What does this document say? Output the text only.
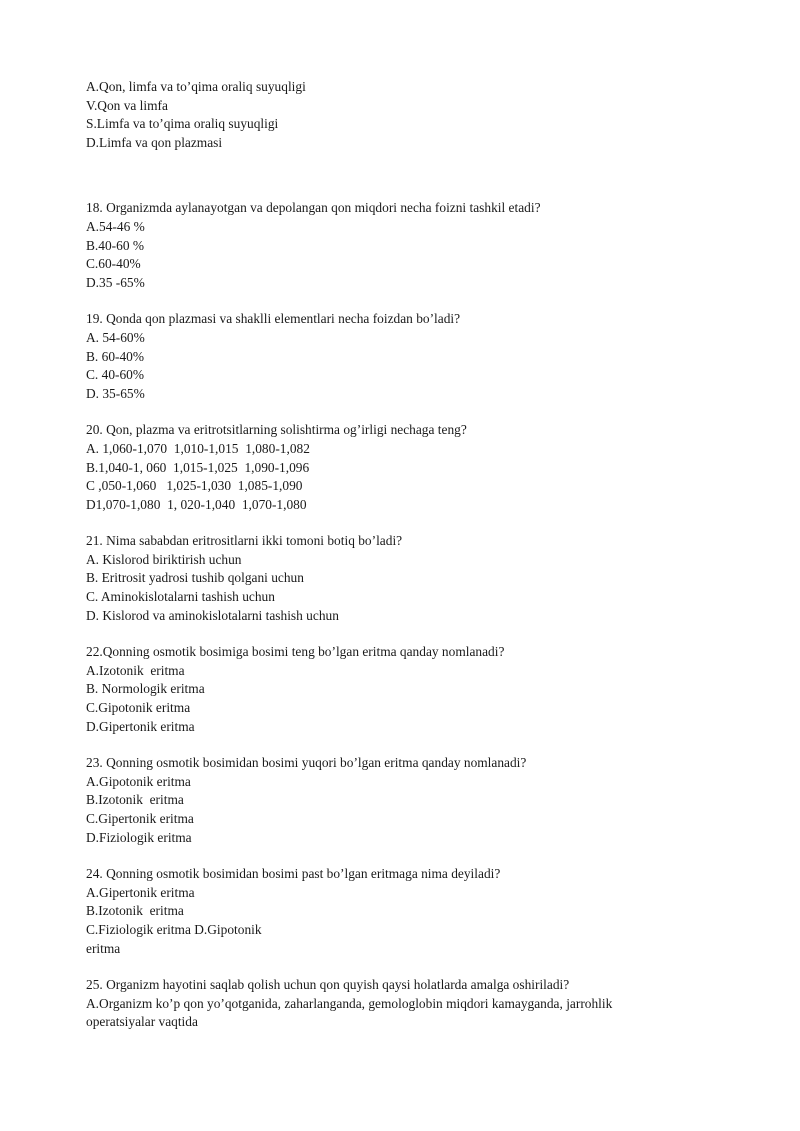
A.Qon, limfa va to’qima oraliq suyuqligi
V.Qon va limfa
S.Limfa va to’qima oraliq suyuqligi
D.Limfa va qon plazmasi
18. Organizmda aylanayotgan va depolangan qon miqdori necha foizni tashkil etadi?
A.54-46 %
B.40-60 %
C.60-40%
D.35 -65%
19. Qonda qon plazmasi va shaklli elementlari necha foizdan bo’ladi?
A. 54-60%
B. 60-40%
C. 40-60%
D. 35-65%
20. Qon, plazma va eritrotsitlarning solishtirma og’irligi nechaga teng?
A. 1,060-1,070  1,010-1,015  1,080-1,082
B.1,040-1, 060  1,015-1,025  1,090-1,096
C ,050-1,060   1,025-1,030  1,085-1,090
D1,070-1,080  1, 020-1,040  1,070-1,080
21. Nima sababdan eritrositlarni ikki tomoni botiq bo’ladi?
A. Kislorod biriktirish uchun
B. Eritrosit yadrosi tushib qolgani uchun
C. Aminokislotalarni tashish uchun
D. Kislorod va aminokislotalarni tashish uchun
22.Qonning osmotik bosimiga bosimi teng bo’lgan eritma qanday nomlanadi?
A.Izotonik  eritma
B. Normologik eritma
C.Gipotonik eritma
D.Gipertonik eritma
23. Qonning osmotik bosimidan bosimi yuqori bo’lgan eritma qanday nomlanadi?
A.Gipotonik eritma
B.Izotonik  eritma
C.Gipertonik eritma
D.Fiziologik eritma
24. Qonning osmotik bosimidan bosimi past bo’lgan eritmaga nima deyiladi?
A.Gipertonik eritma
B.Izotonik  eritma
C.Fiziologik eritma D.Gipotonik
eritma
25. Organizm hayotini saqlab qolish uchun qon quyish qaysi holatlarda amalga oshiriladi?
A.Organizm ko’p qon yo’qotganida, zaharlanganda, gemologlobin miqdori kamayganda, jarrohlik
operatsiyalar vaqtida
